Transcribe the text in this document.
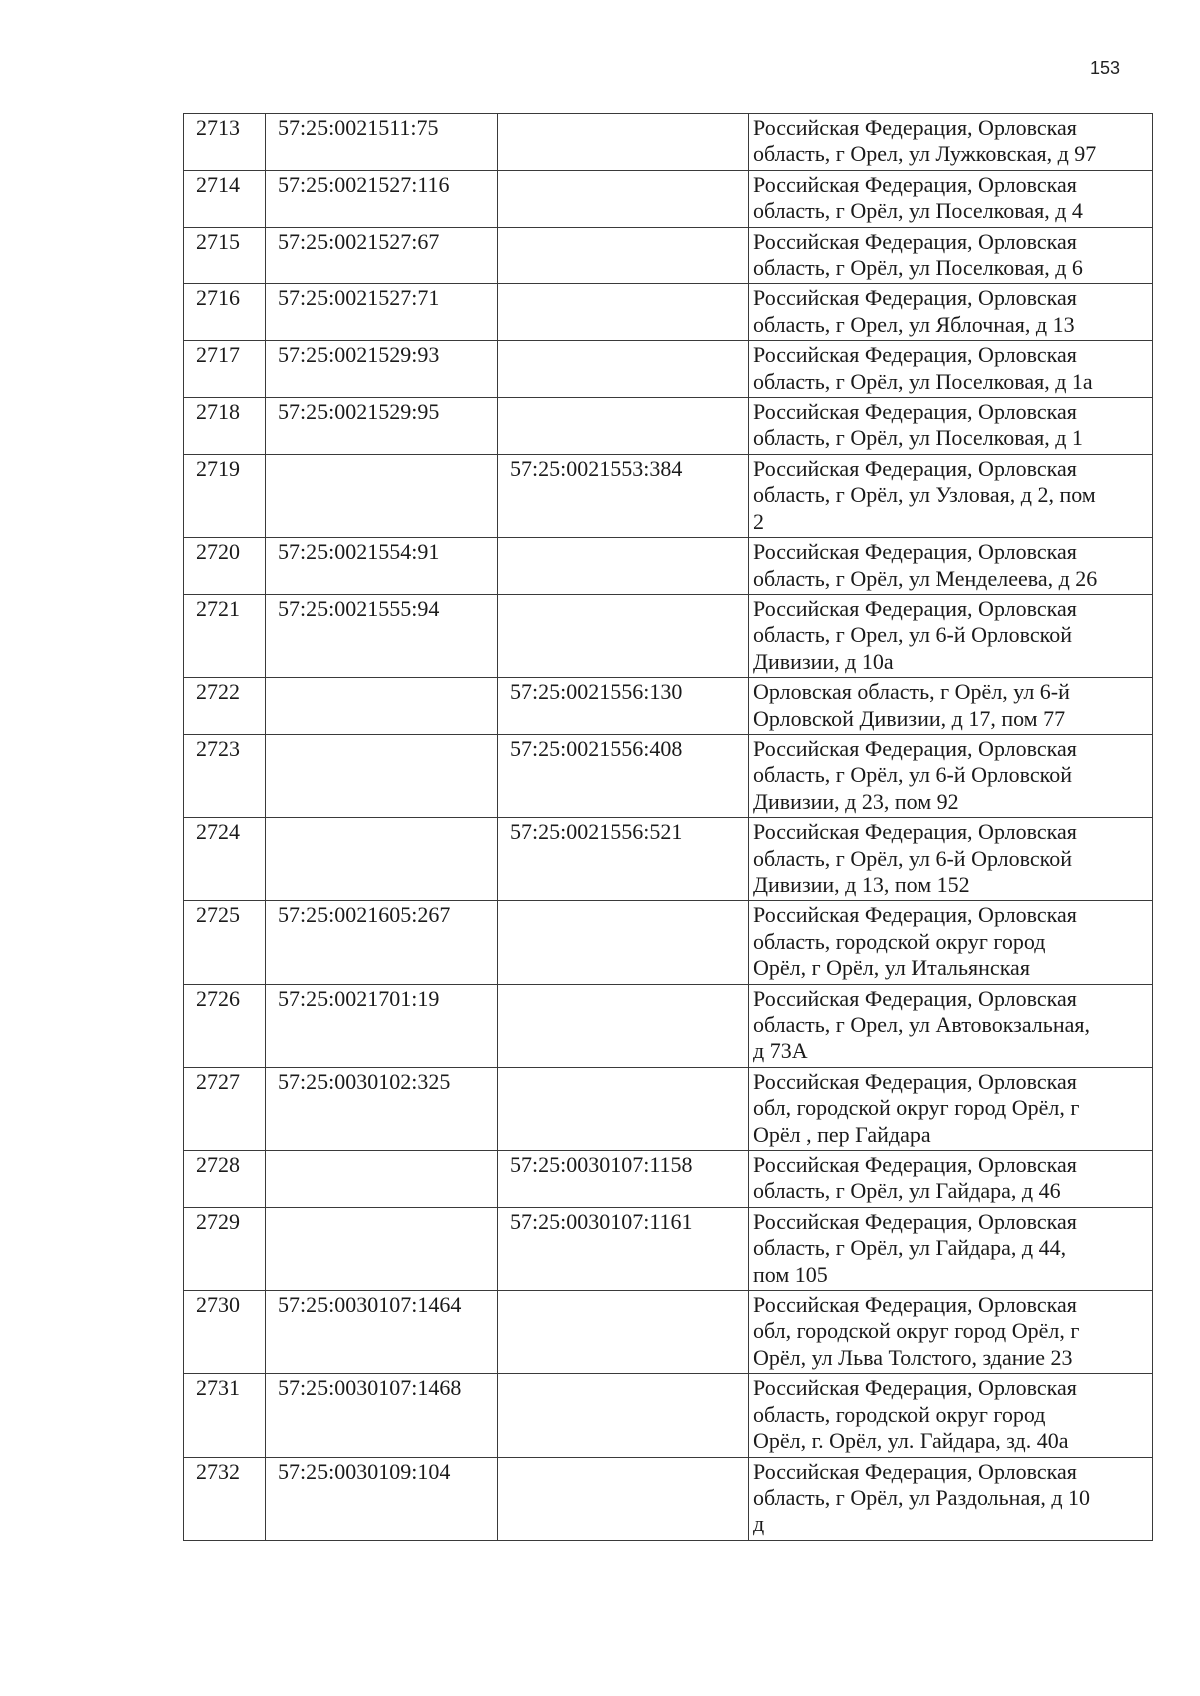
153
2713	57:25:0021511:75		Российская Федерация, Орловская
область, г Орел, ул Лужковская, д 97

2714	57:25:0021527:116		Российская Федерация, Орловская
область, г Орёл, ул Поселковая, д 4

2715	57:25:0021527:67		Российская Федерация, Орловская
область, г Орёл, ул Поселковая, д 6

2716	57:25:0021527:71		Российская Федерация, Орловская
область, г Орел, ул Яблочная, д 13

2717	57:25:0021529:93		Российская Федерация, Орловская
область, г Орёл, ул Поселковая, д 1а

2718	57:25:0021529:95		Российская Федерация, Орловская
область, г Орёл, ул Поселковая, д 1

2719		57:25:0021553:384	Российская Федерация, Орловская
область, г Орёл, ул Узловая, д 2, пом
2

2720	57:25:0021554:91		Российская Федерация, Орловская
область, г Орёл, ул Менделеева, д 26

2721	57:25:0021555:94		Российская Федерация, Орловская
область, г Орел, ул 6-й Орловской
Дивизии, д 10а

2722		57:25:0021556:130	Орловская область, г Орёл, ул 6-й
Орловской Дивизии, д 17, пом 77

2723		57:25:0021556:408	Российская Федерация, Орловская
область, г Орёл, ул 6-й Орловской
Дивизии, д 23, пом 92

2724		57:25:0021556:521	Российская Федерация, Орловская
область, г Орёл, ул 6-й Орловской
Дивизии, д 13, пом 152

2725	57:25:0021605:267		Российская Федерация, Орловская
область, городской округ город
Орёл, г Орёл, ул Итальянская

2726	57:25:0021701:19		Российская Федерация, Орловская
область, г Орел, ул Автовокзальная,
д 73А

2727	57:25:0030102:325		Российская Федерация, Орловская
обл, городской округ город Орёл, г
Орёл , пер Гайдара

2728		57:25:0030107:1158	Российская Федерация, Орловская
область, г Орёл, ул Гайдара, д 46

2729		57:25:0030107:1161	Российская Федерация, Орловская
область, г Орёл, ул Гайдара, д 44,
пом 105

2730	57:25:0030107:1464		Российская Федерация, Орловская
обл, городской округ город Орёл, г
Орёл, ул Льва Толстого, здание 23

2731	57:25:0030107:1468		Российская Федерация, Орловская
область, городской округ город
Орёл, г. Орёл, ул. Гайдара, зд. 40а

2732	57:25:0030109:104		Российская Федерация, Орловская
область, г Орёл, ул Раздольная, д 10
д
